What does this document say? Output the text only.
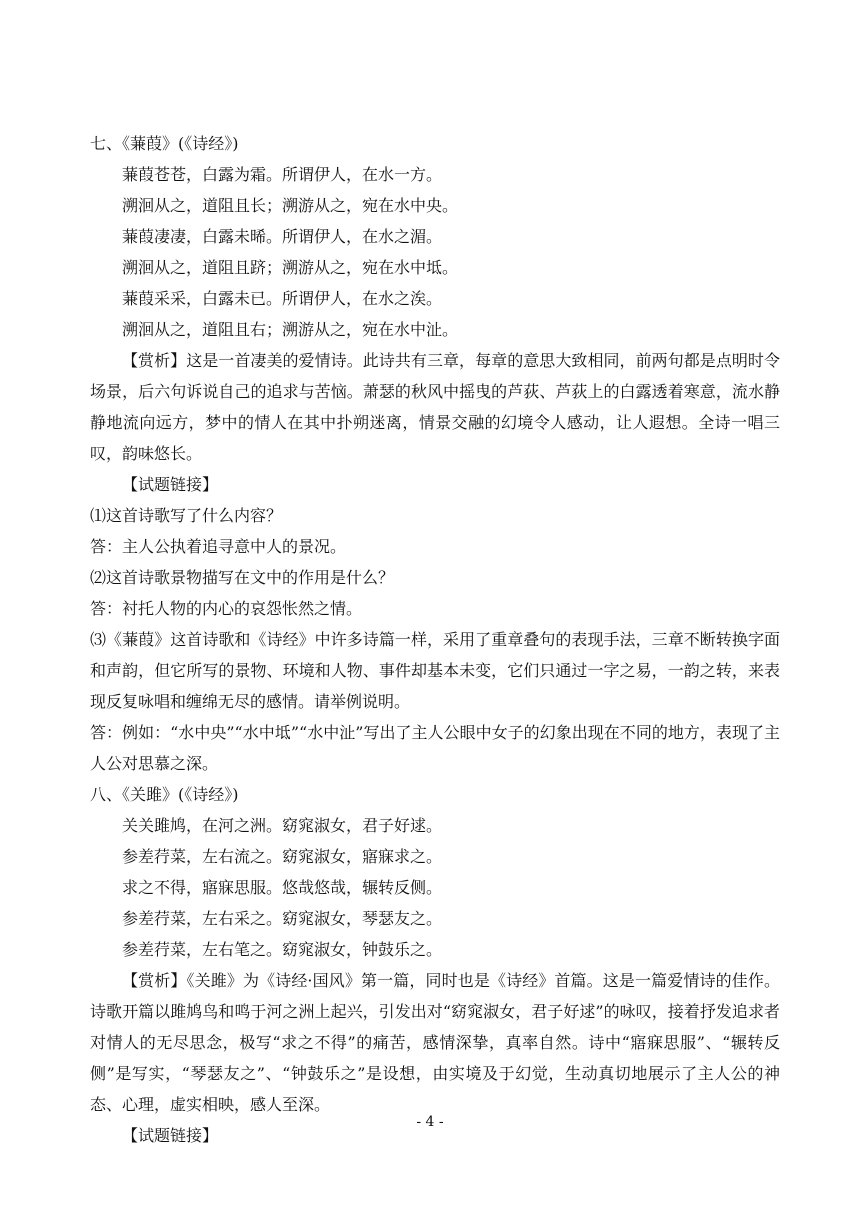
七、《蒹葭》(《诗经》)

蒹葭苍苍，白露为霜。所谓伊人，在水一方。

溯洄从之，道阻且长；溯游从之，宛在水中央。

蒹葭凄凄，白露未晞。所谓伊人，在水之湄。

溯洄从之，道阻且跻；溯游从之，宛在水中坻。

蒹葭采采，白露未已。所谓伊人，在水之涘。

溯洄从之，道阻且右；溯游从之，宛在水中沚。

【赏析】这是一首凄美的爱情诗。此诗共有三章，每章的意思大致相同，前两句都是点明时令场景，后六句诉说自己的追求与苦恼。萧瑟的秋风中摇曳的芦荻、芦荻上的白露透着寒意，流水静静地流向远方，梦中的情人在其中扑朔迷离，情景交融的幻境令人感动，让人遐想。全诗一唱三叹，韵味悠长。

【试题链接】

⑴这首诗歌写了什么内容？

答：主人公执着追寻意中人的景况。

⑵这首诗歌景物描写在文中的作用是什么？

答：衬托人物的内心的哀怨怅然之情。

⑶《蒹葭》这首诗歌和《诗经》中许多诗篇一样，采用了重章叠句的表现手法，三章不断转换字面和声韵，但它所写的景物、环境和人物、事件却基本未变，它们只通过一字之易，一韵之转，来表现反复咏唱和缠绵无尽的感情。请举例说明。

答：例如：“水中央”“水中坻”“水中沚”写出了主人公眼中女子的幻象出现在不同的地方，表现了主人公对思慕之深。

八、《关雎》(《诗经》)

关关雎鸠，在河之洲。窈窕淑女，君子好逑。

参差荇菜，左右流之。窈窕淑女，寤寐求之。

求之不得，寤寐思服。悠哉悠哉，辗转反侧。

参差荇菜，左右采之。窈窕淑女，琴瑟友之。

参差荇菜，左右笔之。窈窕淑女，钟鼓乐之。

【赏析】《关雎》为《诗经·国风》第一篇，同时也是《诗经》首篇。这是一篇爱情诗的佳作。诗歌开篇以雎鸠鸟和鸣于河之洲上起兴，引发出对“窈窕淑女，君子好逑”的咏叹，接着抒发追求者对情人的无尽思念，极写“求之不得”的痛苦，感情深挚，真率自然。诗中“寤寐思服”、“辗转反侧”是写实，“琴瑟友之”、“钟鼓乐之”是设想，由实境及于幻觉，生动真切地展示了主人公的神态、心理，虚实相映，感人至深。

【试题链接】

- 4 -
